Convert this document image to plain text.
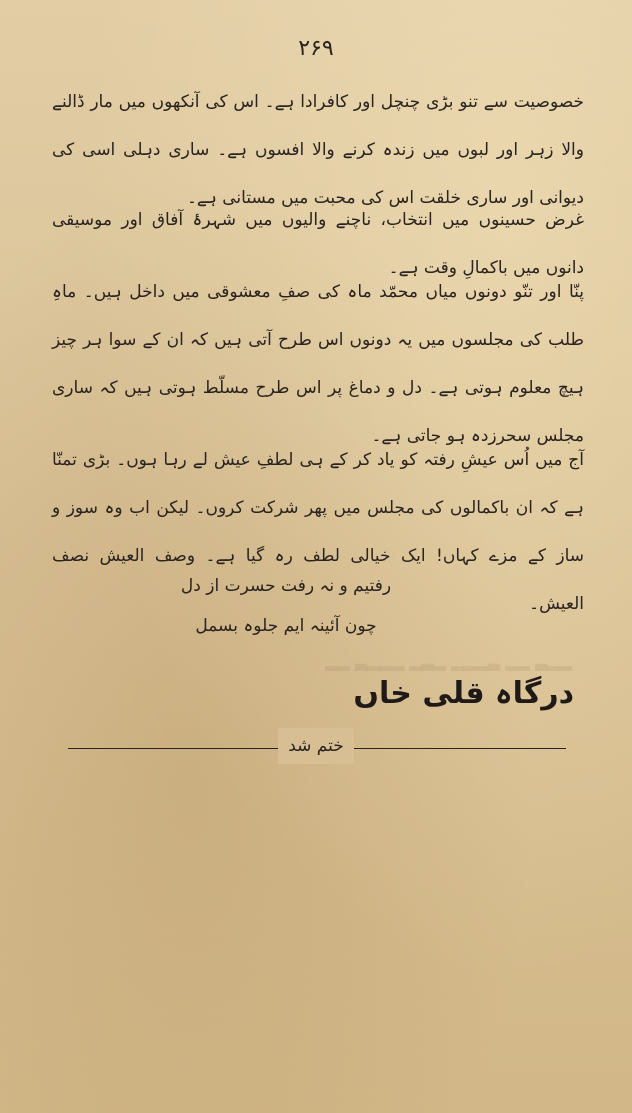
▂▂▃ ▂▂ ▃▂▂▂ ▂▃▂ ▂▂▂▃ ▂▂
۲۶۹

خصوصیت سے تنو بڑی چنچل اور کافرادا ہے۔ اس کی آنکھوں میں مار ڈالنے والا زہر اور لبوں میں زندہ کرنے والا افسوں ہے۔ ساری دہلی اسی کی دیوانی اور ساری خلقت اس کی محبت میں مستانی ہے۔

غرض حسینوں میں انتخاب، ناچنے والیوں میں شہرۂ آفاق اور موسیقی دانوں میں باکمالِ وقت ہے۔

پنّا اور تنّو دونوں میاں محمّد ماہ کی صفِ معشوقی میں داخل ہیں۔ ماہِ طلب کی مجلسوں میں یہ دونوں اس طرح آتی ہیں کہ ان کے سوا ہر چیز ہیچ معلوم ہوتی ہے۔ دل و دماغ پر اس طرح مسلّط ہوتی ہیں کہ ساری مجلس سحرزدہ ہو جاتی ہے۔

آج میں اُس عیشِ رفتہ کو یاد کر کے ہی لطفِ عیش لے رہا ہوں۔ بڑی تمنّا ہے کہ ان باکمالوں کی مجلس میں پھر شرکت کروں۔ لیکن اب وہ سوز و ساز کے مزے کہاں! ایک خیالی لطف رہ گیا ہے۔ وصف العیش نصف العیش۔

رفتیم و نہ رفت حسرت از دل
چون آئینہ ایم جلوہ بسمل
درگاہ قلی خاں
ختم شد
